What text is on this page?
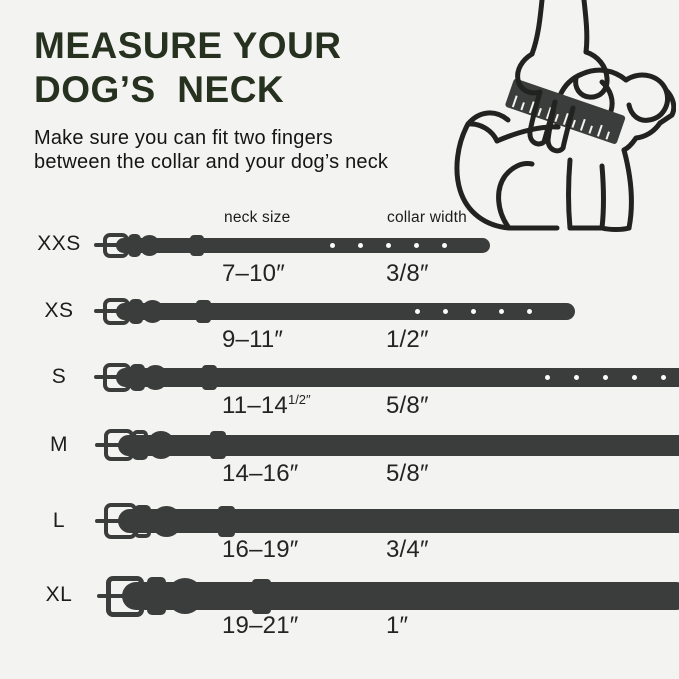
MEASURE YOUR
DOG’S  NECK
Make sure you can fit two fingers
between the collar and your dog’s neck
neck size	collar width
XXS
7–10″	3/8″
XS
9–11″	1/2″
S
$11-14^{1/2''}$	5/8″
M
14–16″	5/8″
L
16–19″	3/4″
XL
19–21″	1″
